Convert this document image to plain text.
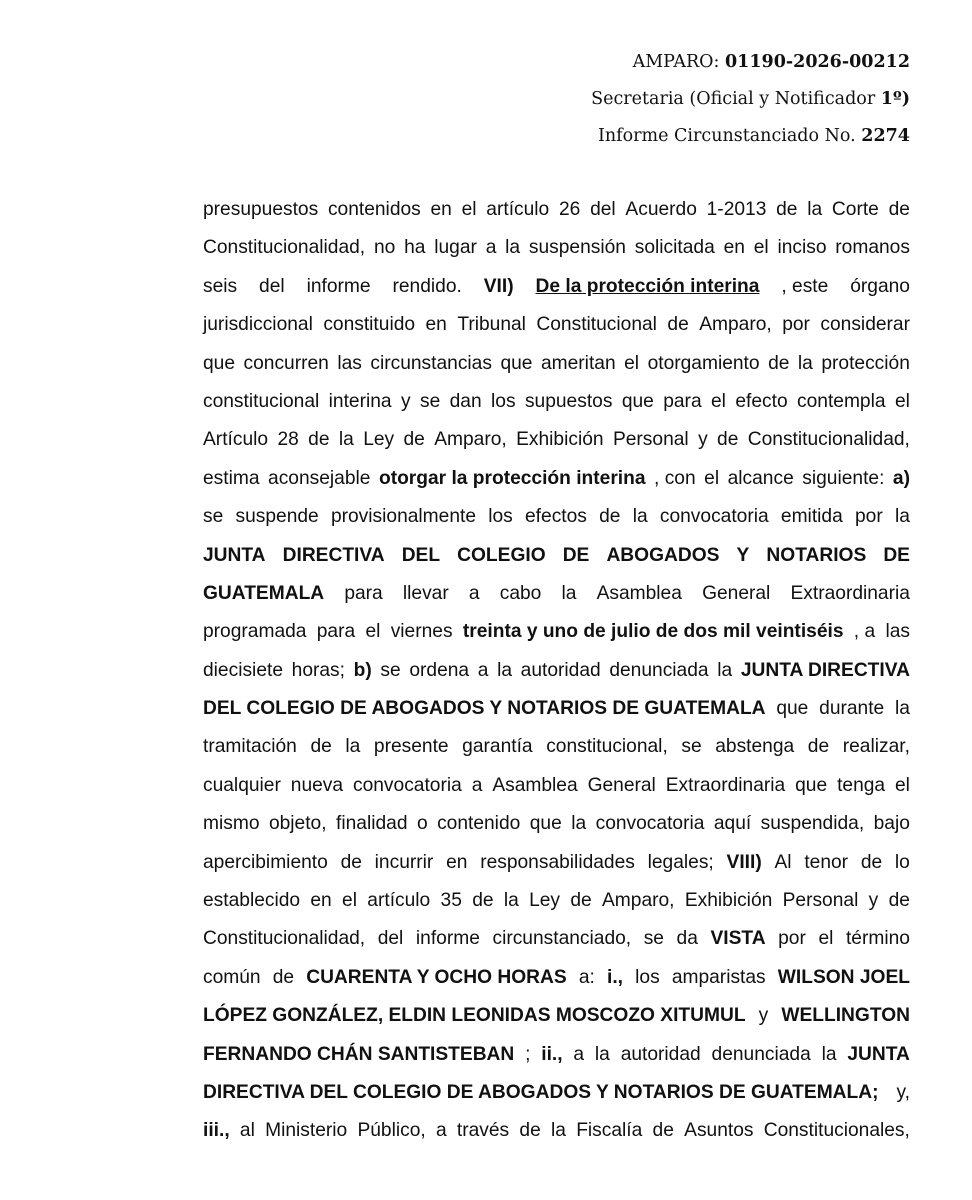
AMPARO: 01190-2026-00212
Secretaria (Oficial y Notificador 1º)
Informe Circunstanciado No. 2274
presupuestos contenidos en el artículo 26 del Acuerdo 1-2013 de la Corte de
Constitucionalidad, no ha lugar a la suspensión solicitada en el inciso romanos
seis del informe rendido. VII) De la protección interina , este órgano
jurisdiccional constituido en Tribunal Constitucional de Amparo, por considerar
que concurren las circunstancias que ameritan el otorgamiento de la protección
constitucional interina y se dan los supuestos que para el efecto contempla el
Artículo 28 de la Ley de Amparo, Exhibición Personal y de Constitucionalidad,
estima aconsejable otorgar la protección interina , con el alcance siguiente: a)
se suspende provisionalmente los efectos de la convocatoria emitida por la
JUNTA DIRECTIVA DEL COLEGIO DE ABOGADOS Y NOTARIOS DE
GUATEMALA para llevar a cabo la Asamblea General Extraordinaria
programada para el viernes treinta y uno de julio de dos mil veintiséis , a las
diecisiete horas; b) se ordena a la autoridad denunciada la JUNTA DIRECTIVA
DEL COLEGIO DE ABOGADOS Y NOTARIOS DE GUATEMALA que durante la
tramitación de la presente garantía constitucional, se abstenga de realizar,
cualquier nueva convocatoria a Asamblea General Extraordinaria que tenga el
mismo objeto, finalidad o contenido que la convocatoria aquí suspendida, bajo
apercibimiento de incurrir en responsabilidades legales; VIII) Al tenor de lo
establecido en el artículo 35 de la Ley de Amparo, Exhibición Personal y de
Constitucionalidad, del informe circunstanciado, se da VISTA por el término
común de CUARENTA Y OCHO HORAS a: i., los amparistas WILSON JOEL
LÓPEZ GONZÁLEZ, ELDIN LEONIDAS MOSCOZO XITUMUL y WELLINGTON
FERNANDO CHÁN SANTISTEBAN ; ii., a la autoridad denunciada la JUNTA
DIRECTIVA DEL COLEGIO DE ABOGADOS Y NOTARIOS DE GUATEMALA; y,
iii., al Ministerio Público, a través de la Fiscalía de Asuntos Constitucionales,
